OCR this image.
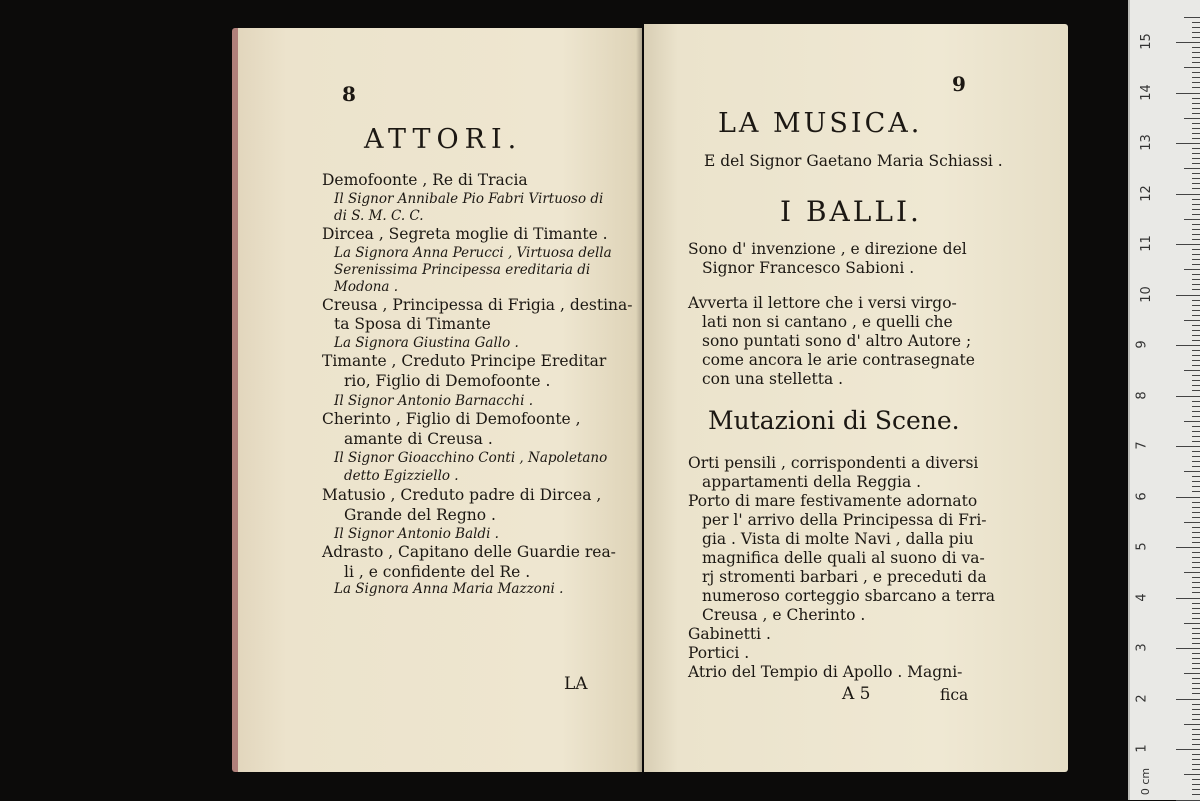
8
ATTORI.
Demofoonte , Re di Tracia
Il Signor Annibale Pio Fabri Virtuoso di
di S. M. C. C.
Dircea , Segreta moglie di Timante .
La Signora Anna Perucci , Virtuosa della
Serenissima Principessa ereditaria di
Modona .
Creusa , Principessa di Frigia , destina-
ta Sposa di Timante
La Signora Giustina Gallo .
Timante , Creduto Principe Ereditar
rio, Figlio di Demofoonte .
Il Signor Antonio Barnacchi .
Cherinto , Figlio di Demofoonte ,
amante di Creusa .
Il Signor Gioacchino Conti , Napoletano
detto Egizziello .
Matusio , Creduto padre di Dircea ,
Grande del Regno .
Il Signor Antonio Baldi .
Adrasto , Capitano delle Guardie rea-
li , e confidente del Re .
La Signora Anna Maria Mazzoni .
LA
9
LA MUSICA.
E del Signor Gaetano Maria Schiassi .
I BALLI.
Sono d' invenzione , e direzione del
Signor Francesco Sabioni .
Avverta il lettore che i versi virgo-
lati non si cantano , e quelli che
sono puntati sono d' altro Autore ;
come ancora le arie contrasegnate
con una stelletta .
Mutazioni di Scene.
Orti pensili , corrispondenti a diversi
appartamenti della Reggia .
Porto di mare festivamente adornato
per l' arrivo della Principessa di Fri-
gia . Vista di molte Navi , dalla piu
magnifica delle quali al suono di va-
rj stromenti barbari , e preceduti da
numeroso corteggio sbarcano a terra
Creusa , e Cherinto .
Gabinetti .
Portici .
Atrio del Tempio di Apollo . Magni-
A 5	fica
15
14
13
12
11
10
9
8
7
6
5
4
3
2
1
0 cm
